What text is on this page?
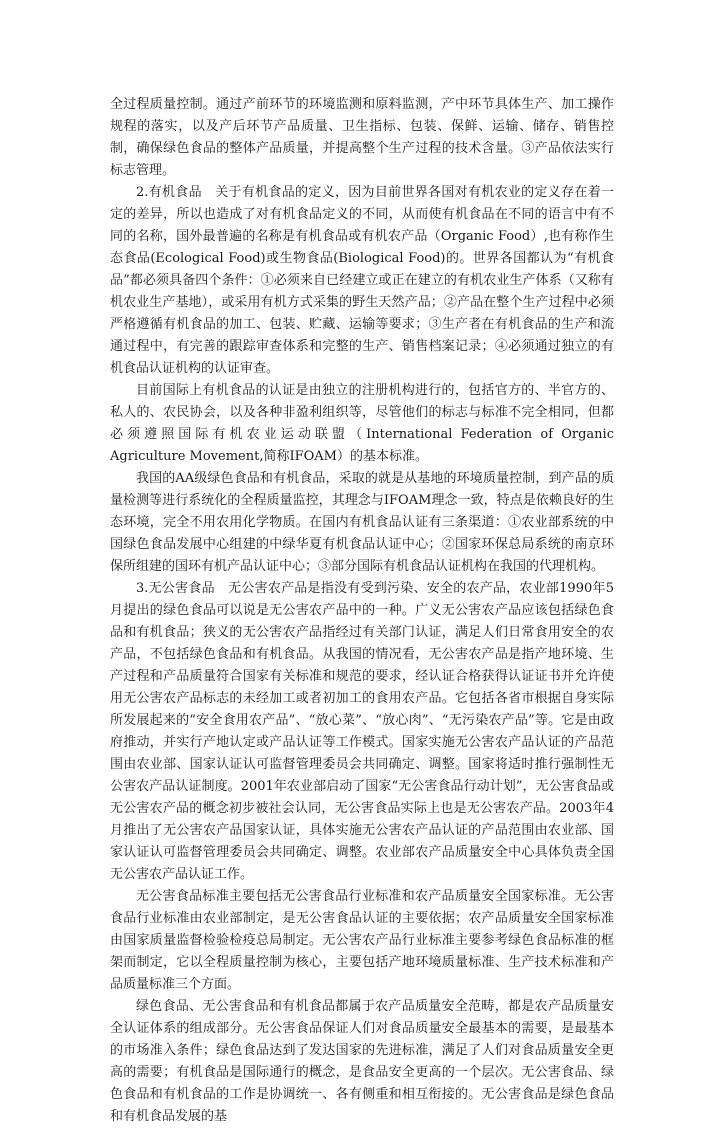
全过程质量控制。通过产前环节的环境监测和原料监测，产中环节具体生产、加工操作规程的落实，以及产后环节产品质量、卫生指标、包装、保鲜、运输、储存、销售控制，确保绿色食品的整体产品质量，并提高整个生产过程的技术含量。③产品依法实行标志管理。

2.有机食品　关于有机食品的定义，因为目前世界各国对有机农业的定义存在着一定的差异，所以也造成了对有机食品定义的不同，从而使有机食品在不同的语言中有不同的名称，国外最普遍的名称是有机食品或有机农产品（Organic Food）,也有称作生态食品(Ecological Food)或生物食品(Biological Food)的。世界各国都认为“有机食品”都必须具备四个条件：①必须来自已经建立或正在建立的有机农业生产体系（又称有机农业生产基地），或采用有机方式采集的野生天然产品；②产品在整个生产过程中必须严格遵循有机食品的加工、包装、贮藏、运输等要求；③生产者在有机食品的生产和流通过程中，有完善的跟踪审查体系和完整的生产、销售档案记录；④必须通过独立的有机食品认证机构的认证审查。

目前国际上有机食品的认证是由独立的注册机构进行的，包括官方的、半官方的、私人的、农民协会，以及各种非盈利组织等，尽管他们的标志与标准不完全相同，但都必须遵照国际有机农业运动联盟（International Federation of Organic Agriculture Movement,简称IFOAM）的基本标准。

我国的AA级绿色食品和有机食品，采取的就是从基地的环境质量控制，到产品的质量检测等进行系统化的全程质量监控，其理念与IFOAM理念一致，特点是依赖良好的生态环境，完全不用农用化学物质。在国内有机食品认证有三条渠道：①农业部系统的中国绿色食品发展中心组建的中绿华夏有机食品认证中心；②国家环保总局系统的南京环保所组建的国环有机产品认证中心；③部分国际有机食品认证机构在我国的代理机构。

3.无公害食品　无公害农产品是指没有受到污染、安全的农产品，农业部1990年5月提出的绿色食品可以说是无公害农产品中的一种。广义无公害农产品应该包括绿色食品和有机食品；狭义的无公害农产品指经过有关部门认证，满足人们日常食用安全的农产品，不包括绿色食品和有机食品。从我国的情况看，无公害农产品是指产地环境、生产过程和产品质量符合国家有关标准和规范的要求，经认证合格获得认证证书并允许使用无公害农产品标志的未经加工或者初加工的食用农产品。它包括各省市根据自身实际所发展起来的“安全食用农产品”、“放心菜”、“放心肉”、“无污染农产品”等。它是由政府推动，并实行产地认定或产品认证等工作模式。国家实施无公害农产品认证的产品范围由农业部、国家认证认可监督管理委员会共同确定、调整。国家将适时推行强制性无公害农产品认证制度。2001年农业部启动了国家“无公害食品行动计划”，无公害食品或无公害农产品的概念初步被社会认同，无公害食品实际上也是无公害农产品。2003年4月推出了无公害农产品国家认证，具体实施无公害农产品认证的产品范围由农业部、国家认证认可监督管理委员会共同确定、调整。农业部农产品质量安全中心具体负责全国无公害农产品认证工作。

无公害食品标准主要包括无公害食品行业标准和农产品质量安全国家标准。无公害食品行业标准由农业部制定，是无公害食品认证的主要依据；农产品质量安全国家标准由国家质量监督检验检疫总局制定。无公害农产品行业标准主要参考绿色食品标准的框架而制定，它以全程质量控制为核心，主要包括产地环境质量标准、生产技术标准和产品质量标准三个方面。

绿色食品、无公害食品和有机食品都属于农产品质量安全范畴，都是农产品质量安全认证体系的组成部分。无公害食品保证人们对食品质量安全最基本的需要，是最基本的市场准入条件；绿色食品达到了发达国家的先进标准，满足了人们对食品质量安全更高的需要；有机食品是国际通行的概念，是食品安全更高的一个层次。无公害食品、绿色食品和有机食品的工作是协调统一、各有侧重和相互衔接的。无公害食品是绿色食品和有机食品发展的基
